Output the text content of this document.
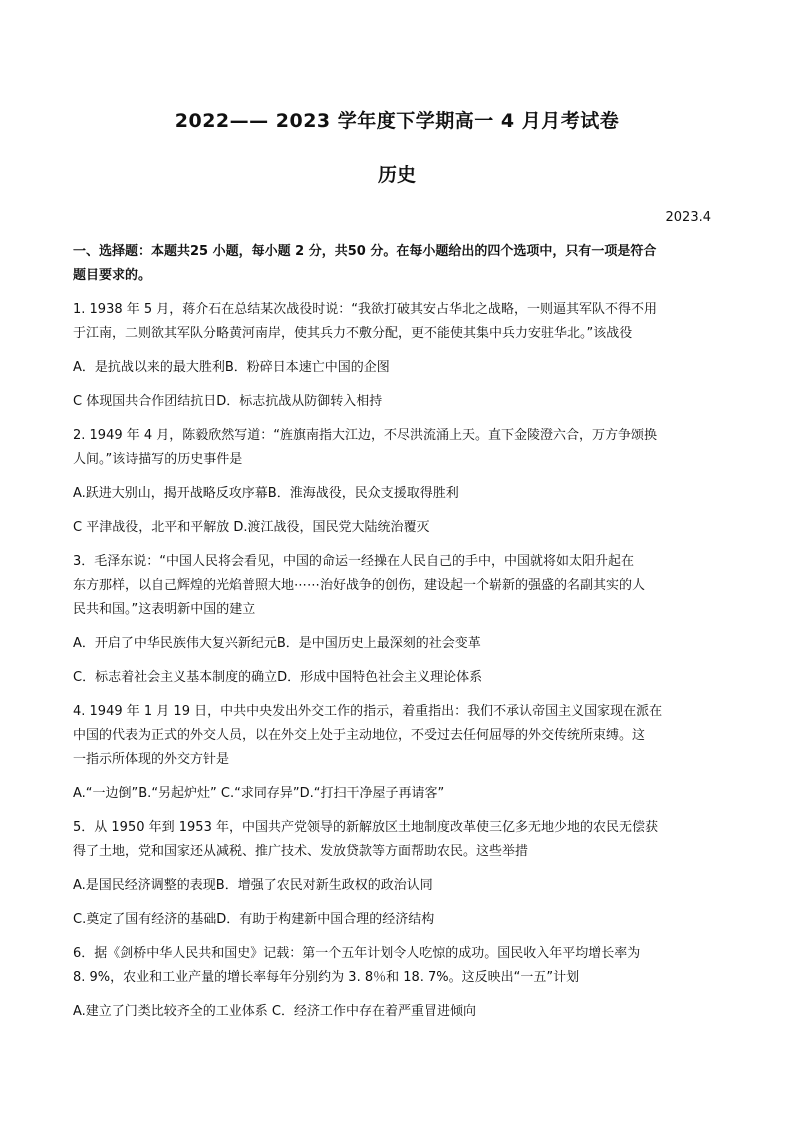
2022—— 2023 学年度下学期高一 4 月月考试卷
历史
2023.4

一、选择题：本题共25 小题，每小题 2 分，共50 分。在每小题给出的四个选项中，只有一项是符合

题目要求的。

1. 1938 年 5 月，蒋介石在总结某次战役时说：“我欲打破其安占华北之战略，一则逼其军队不得不用

于江南，二则欲其军队分略黄河南岸，使其兵力不敷分配，更不能使其集中兵力安驻华北。”该战役

A．是抗战以来的最大胜利B．粉碎日本速亡中国的企图

C 体现国共合作团结抗日D．标志抗战从防御转入相持

2. 1949 年 4 月，陈毅欣然写道：“旌旗南指大江边，不尽洪流涌上天。直下金陵澄六合，万方争颂换

人间。”该诗描写的历史事件是

A.跃进大别山，揭开战略反攻序幕B．淮海战役，民众支援取得胜利

C 平津战役，北平和平解放 D.渡江战役，国民党大陆统治覆灭

3．毛泽东说：“中国人民将会看见，中国的命运一经操在人民自己的手中，中国就将如太阳升起在

东方那样，以自己辉煌的光焰普照大地⋯⋯治好战争的创伤，建设起一个崭新的强盛的名副其实的人

民共和国。”这表明新中国的建立

A．开启了中华民族伟大复兴新纪元B．是中国历史上最深刻的社会变革

C．标志着社会主义基本制度的确立D．形成中国特色社会主义理论体系

4. 1949 年 1 月 19 日，中共中央发出外交工作的指示，着重指出：我们不承认帝国主义国家现在派在

中国的代表为正式的外交人员，以在外交上处于主动地位，不受过去任何屈辱的外交传统所束缚。这

一指示所体现的外交方针是

A.“一边倒”B.“另起炉灶” C.“求同存异”D.“打扫干净屋子再请客”

5．从 1950 年到 1953 年，中国共产党领导的新解放区土地制度改革使三亿多无地少地的农民无偿获

得了土地，党和国家还从减税、推广技术、发放贷款等方面帮助农民。这些举措

A.是国民经济调整的表现B．增强了农民对新生政权的政治认同

C.奠定了国有经济的基础D．有助于构建新中国合理的经济结构

6．据《剑桥中华人民共和国史》记载：第一个五年计划令人吃惊的成功。国民收入年平均增长率为

8. 9%，农业和工业产量的增长率每年分别约为 3. 8％和 18. 7%。这反映出“一五”计划

A.建立了门类比较齐全的工业体系 C．经济工作中存在着严重冒进倾向
